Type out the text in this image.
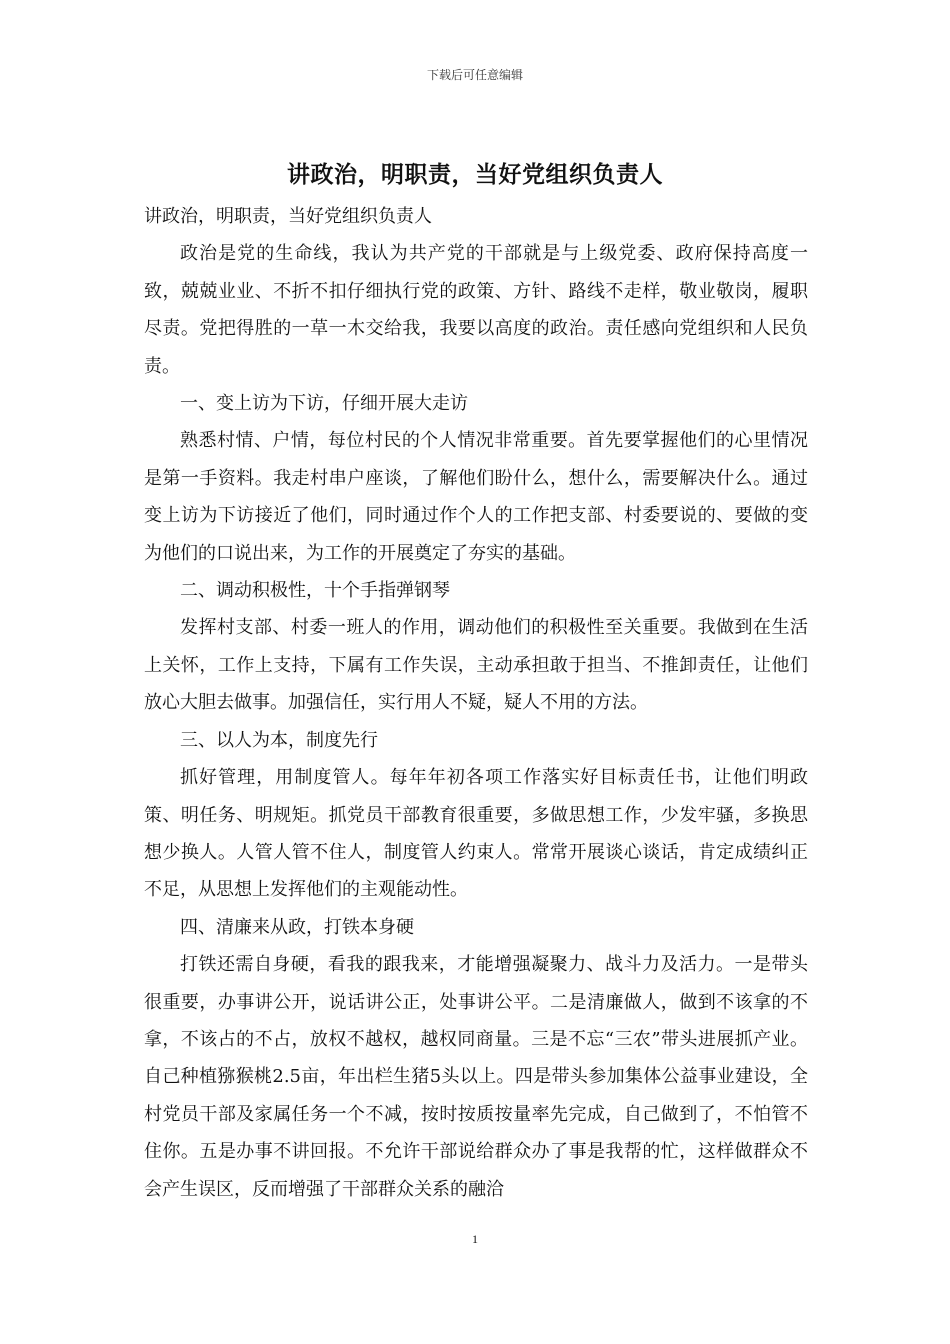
下载后可任意编辑
讲政治，明职责，当好党组织负责人

讲政治，明职责，当好党组织负责人

政治是党的生命线，我认为共产党的干部就是与上级党委、政府保持高度一致，兢兢业业、不折不扣仔细执行党的政策、方针、路线不走样，敬业敬岗，履职尽责。党把得胜的一草一木交给我，我要以高度的政治。责任感向党组织和人民负责。

一、变上访为下访，仔细开展大走访

熟悉村情、户情，每位村民的个人情况非常重要。首先要掌握他们的心里情况是第一手资料。我走村串户座谈，了解他们盼什么，想什么，需要解决什么。通过变上访为下访接近了他们，同时通过作个人的工作把支部、村委要说的、要做的变为他们的口说出来，为工作的开展奠定了夯实的基础。

二、调动积极性，十个手指弹钢琴

发挥村支部、村委一班人的作用，调动他们的积极性至关重要。我做到在生活上关怀，工作上支持，下属有工作失误，主动承担敢于担当、不推卸责任，让他们放心大胆去做事。加强信任，实行用人不疑，疑人不用的方法。

三、以人为本，制度先行

抓好管理，用制度管人。每年年初各项工作落实好目标责任书，让他们明政策、明任务、明规矩。抓党员干部教育很重要，多做思想工作，少发牢骚，多换思想少换人。人管人管不住人，制度管人约束人。常常开展谈心谈话，肯定成绩纠正不足，从思想上发挥他们的主观能动性。

四、清廉来从政，打铁本身硬

打铁还需自身硬，看我的跟我来，才能增强凝聚力、战斗力及活力。一是带头很重要，办事讲公开，说话讲公正，处事讲公平。二是清廉做人，做到不该拿的不拿，不该占的不占，放权不越权，越权同商量。三是不忘“三农”带头进展抓产业。自己种植猕猴桃2.5亩，年出栏生猪5头以上。四是带头参加集体公益事业建设，全村党员干部及家属任务一个不减，按时按质按量率先完成，自己做到了，不怕管不住你。五是办事不讲回报。不允许干部说给群众办了事是我帮的忙，这样做群众不会产生误区，反而增强了干部群众关系的融洽

1
